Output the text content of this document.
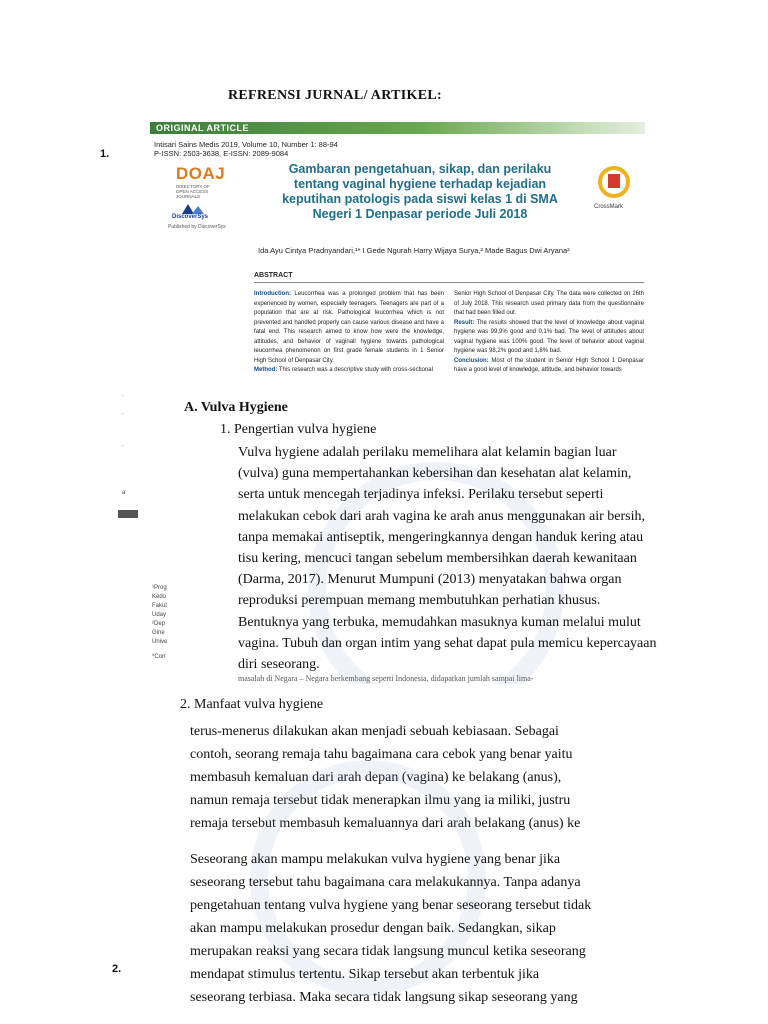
REFRENSI JURNAL/ ARTIKEL:
1.
2.
ORIGINAL ARTICLE
Intisari Sains Medis 2019, Volume 10, Number 1: 88-94
P-ISSN: 2503-3638, E-ISSN: 2089-9084
DOAJ
DIRECTORY OF OPEN ACCESS JOURNALS
DiscoverSys
Published by DiscoverSys
Gambaran pengetahuan, sikap, dan perilaku
tentang vaginal hygiene terhadap kejadian
keputihan patologis pada siswi kelas 1 di SMA
Negeri 1 Denpasar periode Juli 2018	CrossMark
Ida Ayu Cintya Pradnyandari,¹* I Gede Ngurah Harry Wijaya Surya,² Made Bagus Dwi Aryana²
ABSTRACT
Introduction: Leucorrhea was a prolonged problem that has been experienced by women, especially teenagers. Teenagers are part of a population that are at risk. Pathological leucorrhea which is not prevented and handled properly can cause various disease and have a fatal end. This research aimed to know how were the knowledge, attitudes, and behavior of vaginall hygiene towards pathological leucorrhea phenomenon on first grade female students in 1 Senior High School of Denpasar City.
Method: This research was a descriptive study with cross-sectional
Senior High School of Denpasar City. The data were collected on 26th of July 2018. This research used primary data from the questionnaire that had been filled out.
Result: The results showed that the level of knowledge about vaginal hygiene was 99,9% good and 0,1% bad. The level of attitudes about vaginal hygiene was 100% good. The level of behavior about vaginal hygiene was 98,2% good and 1,8% bad.
Conclusion: Most of the student in Senior High School 1 Denpasar have a good level of knowledge, attitude, and behavior towards
.
.
.
a
¹Prog
Kedo
Fakul
Uday
²Dep
Gine
Unive
*Corr
A. Vulva Hygiene
1. Pengertian vulva hygiene
Vulva hygiene adalah perilaku memelihara alat kelamin bagian luar
(vulva) guna mempertahankan kebersihan dan kesehatan alat kelamin,
serta untuk mencegah terjadinya infeksi. Perilaku tersebut seperti
melakukan cebok dari arah vagina ke arah anus menggunakan air bersih,
tanpa memakai antiseptik, mengeringkannya dengan handuk kering atau
tisu kering, mencuci tangan sebelum membersihkan daerah kewanitaan
(Darma, 2017). Menurut Mumpuni (2013) menyatakan bahwa organ
reproduksi perempuan memang membutuhkan perhatian khusus.
Bentuknya yang terbuka, memudahkan masuknya kuman melalui mulut
vagina. Tubuh dan organ intim yang sehat dapat pula memicu kepercayaan
diri seseorang.
masalah di Negara – Negara berkembang seperti Indonesia, didapatkan jumlah sampai lima-
2. Manfaat vulva hygiene
terus-menerus dilakukan akan menjadi sebuah kebiasaan. Sebagai
contoh, seorang remaja tahu bagaimana cara cebok yang benar yaitu
membasuh kemaluan dari arah depan (vagina) ke belakang (anus),
namun remaja tersebut tidak menerapkan ilmu yang ia miliki, justru
remaja tersebut membasuh kemaluannya dari arah belakang (anus) ke
Seseorang akan mampu melakukan vulva hygiene yang benar jika
seseorang tersebut tahu bagaimana cara melakukannya. Tanpa adanya
pengetahuan tentang vulva hygiene yang benar seseorang tersebut tidak
akan mampu melakukan prosedur dengan baik. Sedangkan, sikap
merupakan reaksi yang secara tidak langsung muncul ketika seseorang
mendapat stimulus tertentu. Sikap tersebut akan terbentuk jika
seseorang terbiasa. Maka secara tidak langsung sikap seseorang yang
